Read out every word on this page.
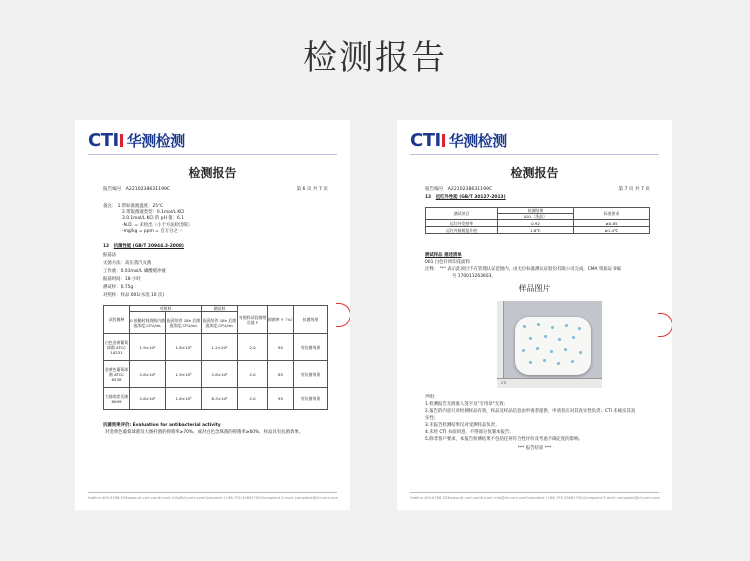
检测报告
CTI 华测检测
检测报告
报告编号 A2210238631199C	第 6 页 共 7 页
备注： 1.带标准液温度：25℃
2.带取菌液类型：0.1mol/L KCl
3.0.1mol/L KCl 的 pH 值：6.1
-N.D. = 未检出（小于方法检出限）
-mg/kg = ppm = 百万分之一
12 抗菌性能 (GB/T 20944.3-2008)
振荡法
灭菌方法：高压蒸汽灭菌
工作液：0.03mol/L 磷酸缓冲液
振荡时间：18 小时
测试样：0.75g
对照样：样品 001(水洗 10 次)
试验菌种	对照样		测试样	对照样试验菌增长值 F	抑菌率 Y（%）	抗菌效果
	0 接触时间烧瓶内菌液浓度,CFU/mL	振荡培养 18h 后菌液浓度,CFU/mL	振荡培养 18h 后菌液浓度,CFU/mL			
白色金黄葡萄球菌 ATCC 10231	1.9×10⁴	1.8×10⁶	1.2×10⁴	2.0	95	有抗菌效果
金黄色葡萄球菌 ATCC 6538	2.8×10⁴	1.9×10⁶	2.8×10⁴	2.0	85	有抗菌效果
大肠埃希氏菌 8099	2.6×10⁴	1.6×10⁶	8.3×10⁴	2.0	95	有抗菌效果
抗菌效果评价: Evaluation for antibacterial activity
对金黄色葡萄球菌及大肠杆菌的抑菌率≥70%，或对白色念珠菌的抑菌率≥60%，样品具有抗菌效果。
Hotline 400-6788-333 www.cti-cert.com E-mail: info@cti-cert.com Complaint (+86-755-33681700) Complaint E-mail: complaint@cti-cert.com
CTI 华测检测
检测报告
报告编号 A2210238631199C	第 7 页 共 7 页
13 远红外性能 (GB/T 30127-2013)
测试项目	检测结果	标准要求
	001（洗前）	
远红外发射率	0.92	≥0.85
远红外辐射温升值	1.8℃	≥1.4℃
测试样品 描述清单
001 白色针织印花面料
注释： "*" 表示此项目不在管理认证范围内，由无位标准测认证股份有限公司完成，CMA 资质证书编
号 170011263603。
样品图片
CTI
声明：
1.检测报告无批准人签字及"专用章"无效；
2.报告的内容只对检测样品有效，样品及样品信息由申请者提供，申请者应对其真实性负责；CTI 未核实其真
实性；
3.未报告检测结果仅对受测样品负责；
4.未经 CTI 书面同意，不得部分复制本报告；
5.除非客户要求，本报告检测结果不包括任何符合性评价及考虑不确定度的影响。
*** 报告结束 ***
Hotline 400-6788-333 www.cti-cert.com E-mail: info@cti-cert.com Complaint (+86-755-33681700) Complaint E-mail: complaint@cti-cert.com
